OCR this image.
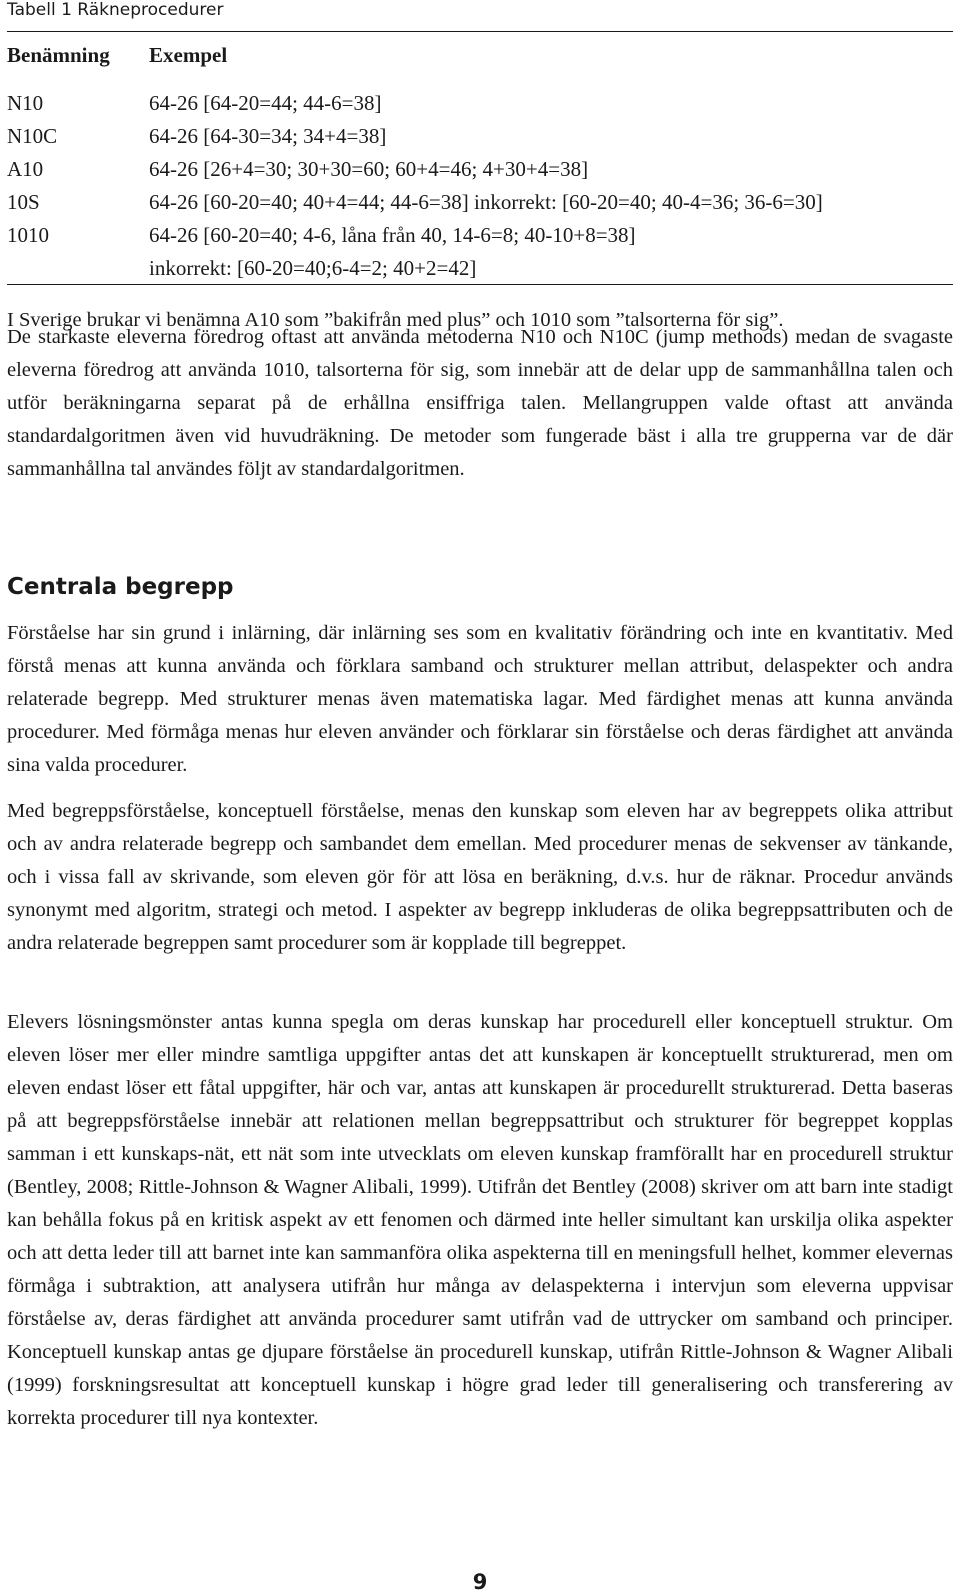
Tabell 1 Räkneprocedurer
Benämning Exempel
N10	64-26 [64-20=44; 44-6=38]
N10C	64-26 [64-30=34; 34+4=38]
A10	64-26 [26+4=30; 30+30=60; 60+4=46; 4+30+4=38]
10S	64-26 [60-20=40; 40+4=44; 44-6=38] inkorrekt: [60-20=40; 40-4=36; 36-6=30]
1010	64-26 [60-20=40; 4-6, låna från 40, 14-6=8; 40-10+8=38]
inkorrekt: [60-20=40;6-4=2; 40+2=42]
I Sverige brukar vi benämna A10 som ”bakifrån med plus” och 1010 som ”talsorterna för sig”.

De starkaste eleverna föredrog oftast att använda metoderna N10 och N10C (jump methods) medan de svagaste eleverna föredrog att använda 1010, talsorterna för sig, som innebär att de delar upp de sammanhållna talen och utför beräkningarna separat på de erhållna ensiffriga talen. Mellangruppen valde oftast att använda standardalgoritmen även vid huvudräkning. De metoder som fungerade bäst i alla tre grupperna var de där sammanhållna tal användes följt av standardalgoritmen.

Centrala begrepp

Förståelse har sin grund i inlärning, där inlärning ses som en kvalitativ förändring och inte en kvantitativ. Med förstå menas att kunna använda och förklara samband och strukturer mellan attribut, delaspekter och andra relaterade begrepp. Med strukturer menas även matematiska lagar. Med färdighet menas att kunna använda procedurer. Med förmåga menas hur eleven använder och förklarar sin förståelse och deras färdighet att använda sina valda procedurer.

Med begreppsförståelse, konceptuell förståelse, menas den kunskap som eleven har av begreppets olika attribut och av andra relaterade begrepp och sambandet dem emellan. Med procedurer menas de sekvenser av tänkande, och i vissa fall av skrivande, som eleven gör för att lösa en beräkning, d.v.s. hur de räknar. Procedur används synonymt med algoritm, strategi och metod. I aspekter av begrepp inkluderas de olika begreppsattributen och de andra relaterade begreppen samt procedurer som är kopplade till begreppet.

Elevers lösningsmönster antas kunna spegla om deras kunskap har procedurell eller konceptuell struktur. Om eleven löser mer eller mindre samtliga uppgifter antas det att kunskapen är konceptuellt strukturerad, men om eleven endast löser ett fåtal uppgifter, här och var, antas att kunskapen är procedurellt strukturerad. Detta baseras på att begreppsförståelse innebär att relationen mellan begreppsattribut och strukturer för begreppet kopplas samman i ett kunskaps-nät, ett nät som inte utvecklats om eleven kunskap framförallt har en procedurell struktur (Bentley, 2008; Rittle-Johnson & Wagner Alibali, 1999). Utifrån det Bentley (2008) skriver om att barn inte stadigt kan behålla fokus på en kritisk aspekt av ett fenomen och därmed inte heller simultant kan urskilja olika aspekter och att detta leder till att barnet inte kan sammanföra olika aspekterna till en meningsfull helhet, kommer elevernas förmåga i subtraktion, att analysera utifrån hur många av delaspekterna i intervjun som eleverna uppvisar förståelse av, deras färdighet att använda procedurer samt utifrån vad de uttrycker om samband och principer. Konceptuell kunskap antas ge djupare förståelse än procedurell kunskap, utifrån Rittle-Johnson & Wagner Alibali (1999) forskningsresultat att konceptuell kunskap i högre grad leder till generalisering och transferering av korrekta procedurer till nya kontexter.

9
